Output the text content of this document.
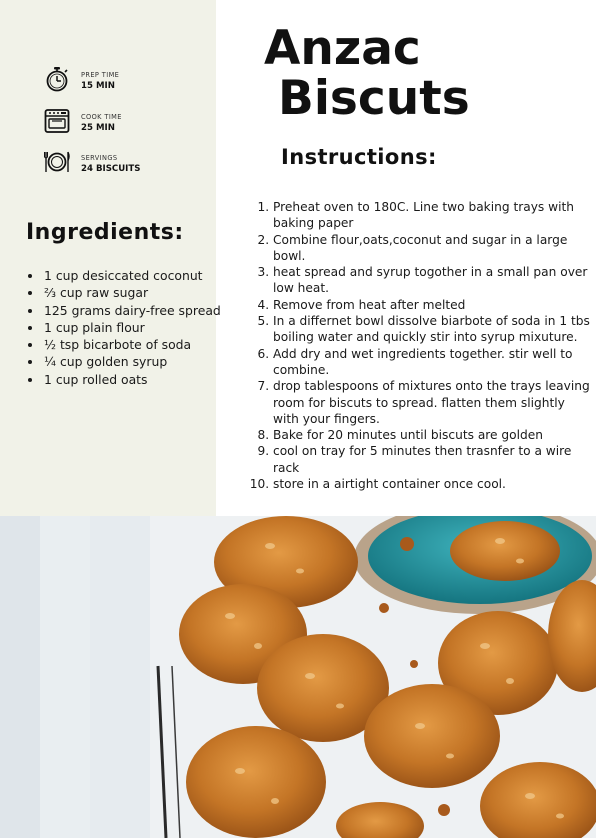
PREP TIME
15 MIN
COOK TIME
25 MIN
SERVINGS
24 BISCUITS
Ingredients:
• 1 cup desiccated coconut
• ⅔ cup raw sugar
• 125 grams dairy-free spread
• 1 cup plain flour
• ½ tsp bicarbote of soda
• ¼ cup golden syrup
• 1 cup rolled oats
Anzac
Biscuts
Instructions:
1. Preheat oven to 180C. Line two baking trays with baking paper
2. Combine flour,oats,coconut and sugar in a large bowl.
3. heat spread and syrup togother in a small pan over low heat.
4. Remove from heat after melted
5. In a differnet bowl dissolve biarbote of soda in 1 tbs boiling water and quickly stir into syrup mixuture.
6. Add dry and wet ingredients together. stir well to combine.
7. drop tablespoons of mixtures onto the trays leaving room for biscuts to spread. flatten them slightly with your fingers.
8. Bake for 20 minutes until biscuts are golden
9. cool on tray for 5 minutes then trasnfer to a wire rack
10. store in a airtight container once cool.
